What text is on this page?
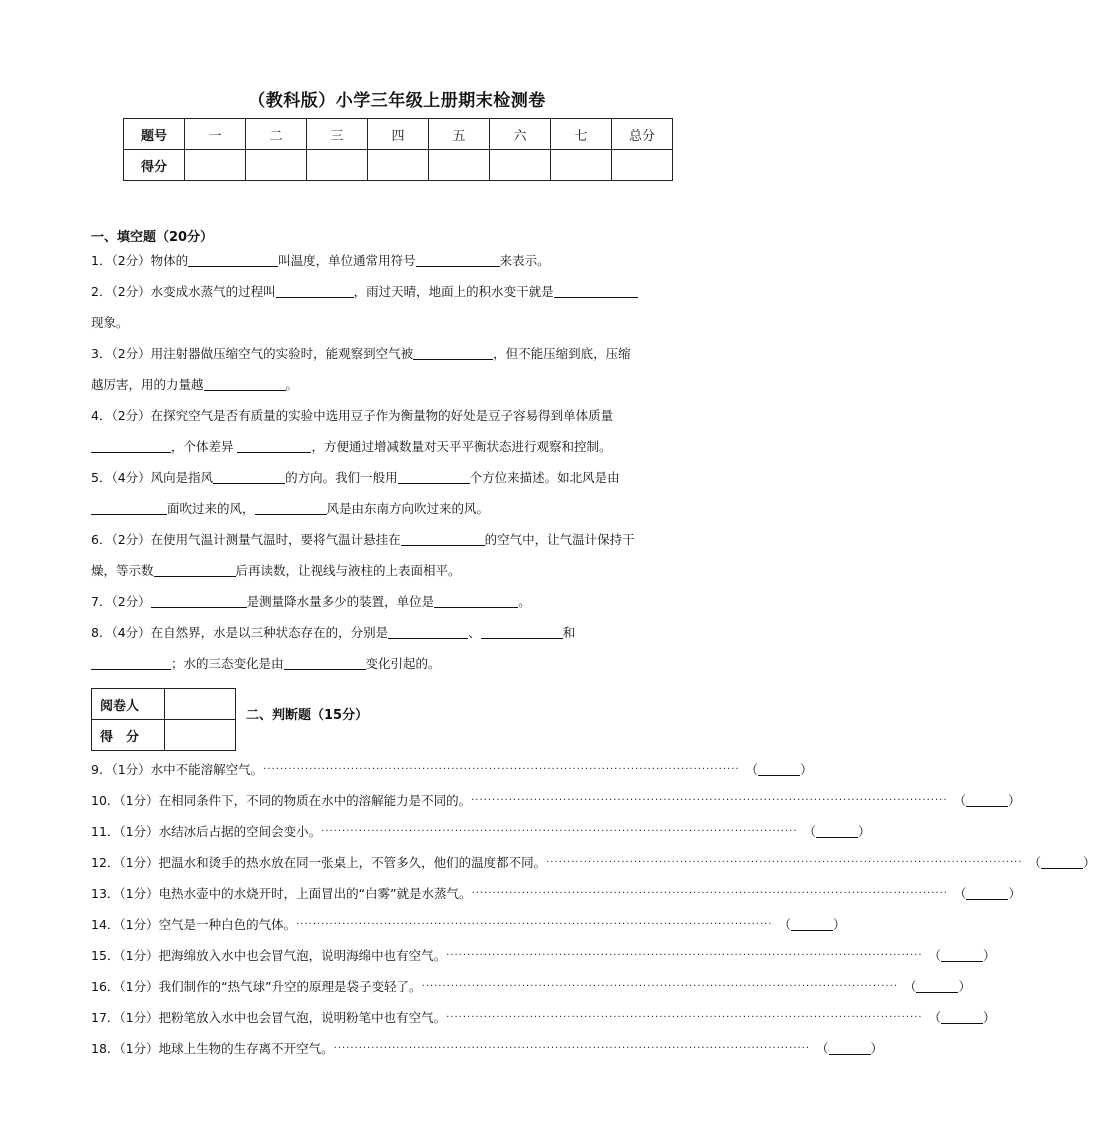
（教科版）小学三年级上册期末检测卷
题号	一	二	三	四	五	六	七	总分
得分								
一、填空题（20分）
1．（2分）物体的	叫温度，单位通常用符号	来表示。
2．（2分）水变成水蒸气的过程叫	，雨过天晴，地面上的积水变干就是
现象。
3．（2分）用注射器做压缩空气的实验时，能观察到空气被	，但不能压缩到底，压缩
越厉害，用的力量越	。
4．（2分）在探究空气是否有质量的实验中选用豆子作为衡量物的好处是豆子容易得到单体质量
，个体差异	，方便通过增减数量对天平平衡状态进行观察和控制。
5．（4分）风向是指风	的方向。我们一般用	个方位来描述。如北风是由
面吹过来的风，	风是由东南方向吹过来的风。
6．（2分）在使用气温计测量气温时，要将气温计悬挂在	的空气中，让气温计保持干
燥，等示数	后再读数，让视线与液柱的上表面相平。
7．（2分）	是测量降水量多少的装置，单位是	。
8．（4分）在自然界，水是以三种状态存在的，分别是	、	和
；水的三态变化是由	变化引起的。
阅卷人	
得　分	
二、判断题（15分）
9．（1分）水中不能溶解空气。 ·················································································································· （	）
10．（1分）在相同条件下，不同的物质在水中的溶解能力是不同的。 ·················································································································· （	）
11．（1分）水结冰后占据的空间会变小。 ·················································································································· （	）
12．（1分）把温水和烫手的热水放在同一张桌上，不管多久，他们的温度都不同。 ·················································································································· （	）
13．（1分）电热水壶中的水烧开时，上面冒出的“白雾”就是水蒸气。 ·················································································································· （	）
14．（1分）空气是一种白色的气体。 ·················································································································· （	）
15．（1分）把海绵放入水中也会冒气泡，说明海绵中也有空气。 ·················································································································· （	）
16．（1分）我们制作的“热气球”升空的原理是袋子变轻了。 ·················································································································· （	）
17．（1分）把粉笔放入水中也会冒气泡，说明粉笔中也有空气。 ·················································································································· （	）
18．（1分）地球上生物的生存离不开空气。 ·················································································································· （	）
